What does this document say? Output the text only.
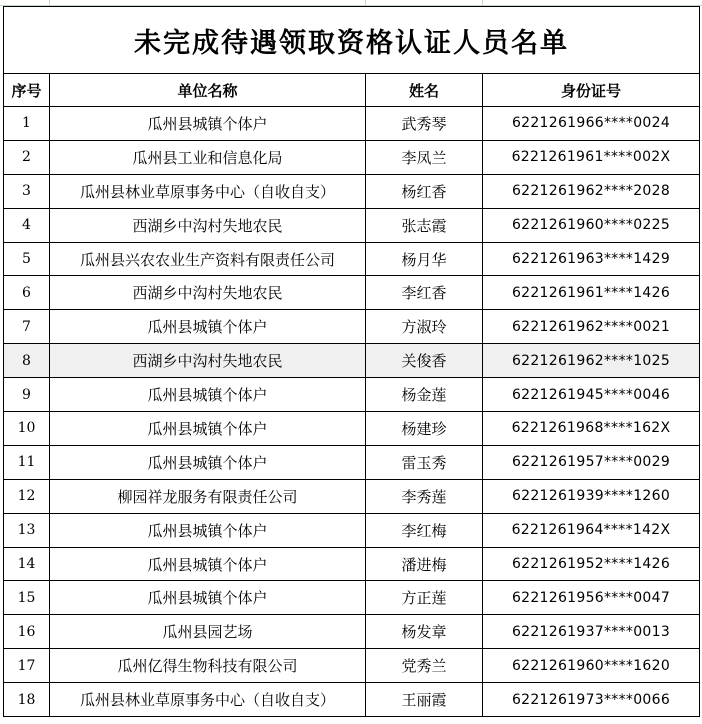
未完成待遇领取资格认证人员名单			
序号	单位名称	姓名	身份证号
1	瓜州县城镇个体户	武秀琴	6221261966****0024
2	瓜州县工业和信息化局	李凤兰	6221261961****002X
3	瓜州县林业草原事务中心（自收自支）	杨红香	6221261962****2028
4	西湖乡中沟村失地农民	张志霞	6221261960****0225
5	瓜州县兴农农业生产资料有限责任公司	杨月华	6221261963****1429
6	西湖乡中沟村失地农民	李红香	6221261961****1426
7	瓜州县城镇个体户	方淑玲	6221261962****0021
8	西湖乡中沟村失地农民	关俊香	6221261962****1025
9	瓜州县城镇个体户	杨金莲	6221261945****0046
10	瓜州县城镇个体户	杨建珍	6221261968****162X
11	瓜州县城镇个体户	雷玉秀	6221261957****0029
12	柳园祥龙服务有限责任公司	李秀莲	6221261939****1260
13	瓜州县城镇个体户	李红梅	6221261964****142X
14	瓜州县城镇个体户	潘进梅	6221261952****1426
15	瓜州县城镇个体户	方正莲	6221261956****0047
16	瓜州县园艺场	杨发章	6221261937****0013
17	瓜州亿得生物科技有限公司	党秀兰	6221261960****1620
18	瓜州县林业草原事务中心（自收自支）	王丽霞	6221261973****0066
